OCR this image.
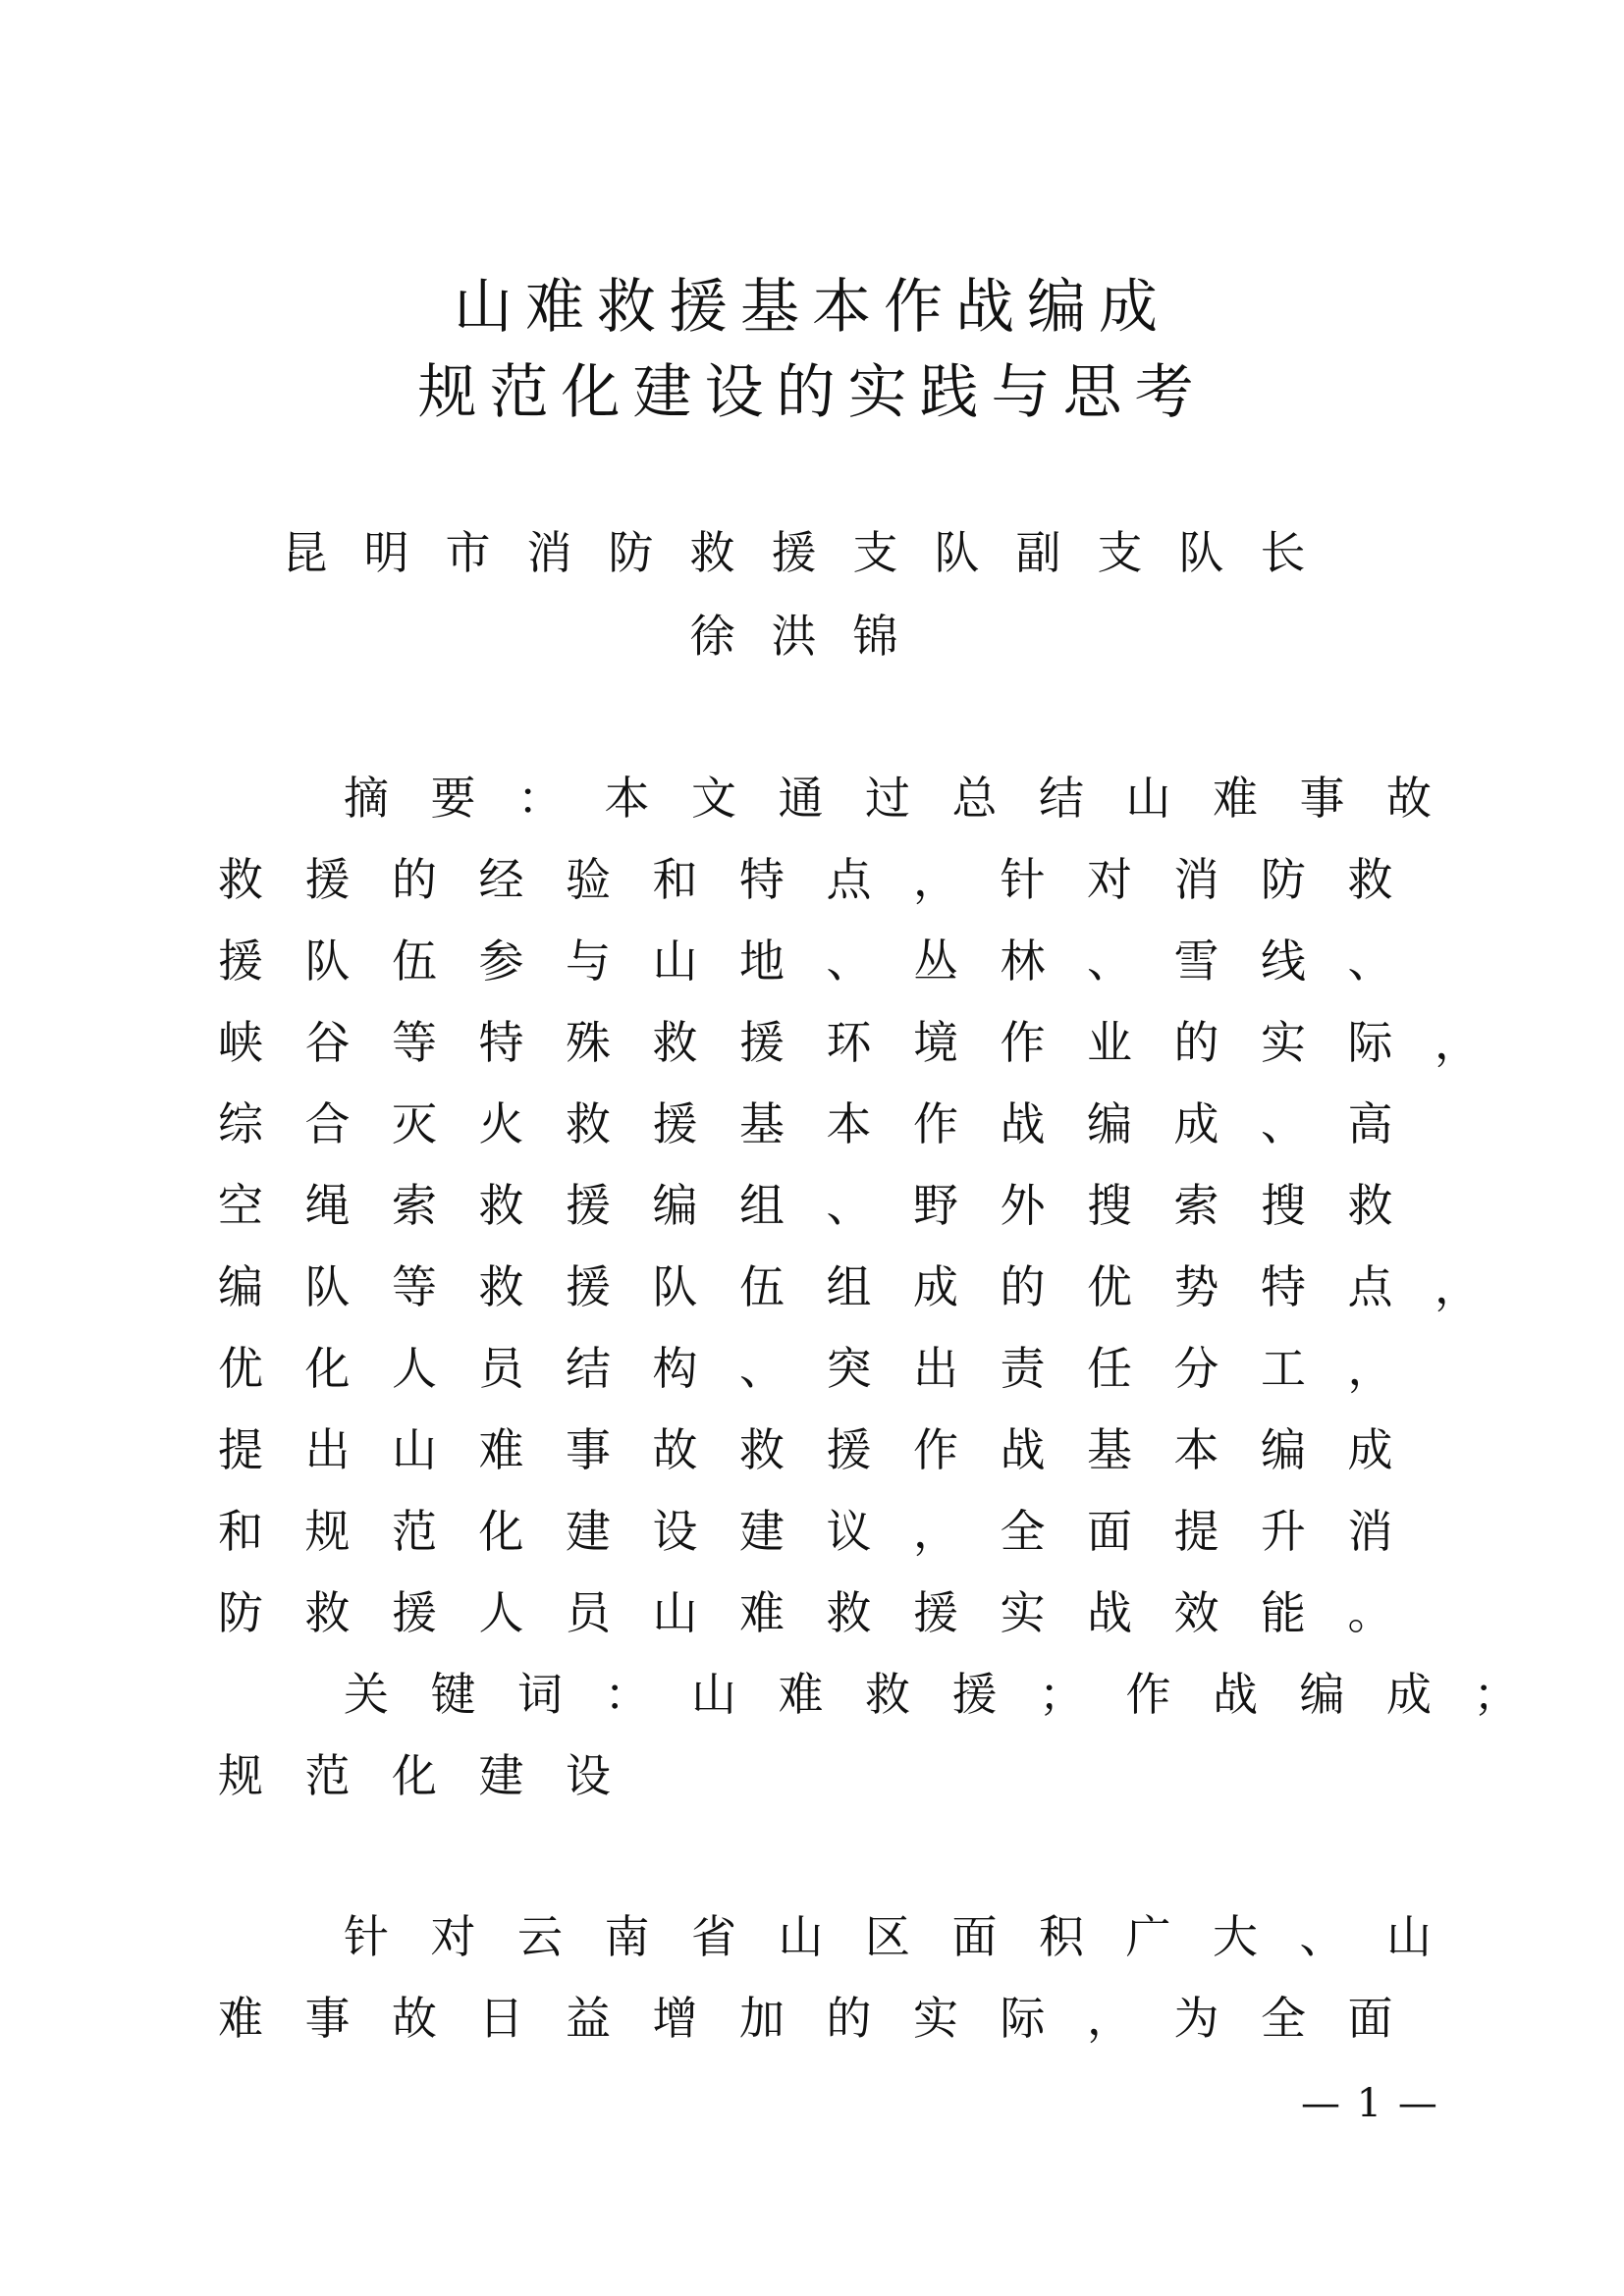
山难救援基本作战编成
规范化建设的实践与思考
昆明市消防救援支队副支队长
徐洪锦
摘要：本文通过总结山难事故
救援的经验和特点，针对消防救
援队伍参与山地、丛林、雪线、
峡谷等特殊救援环境作业的实际，
综合灭火救援基本作战编成、高
空绳索救援编组、野外搜索搜救
编队等救援队伍组成的优势特点，
优化人员结构、突出责任分工，
提出山难事故救援作战基本编成
和规范化建设建议，全面提升消
防救援人员山难救援实战效能。
关键词：山难救援；作战编成；
规范化建设
针对云南省山区面积广大、山
难事故日益增加的实际，为全面
— 1 —
